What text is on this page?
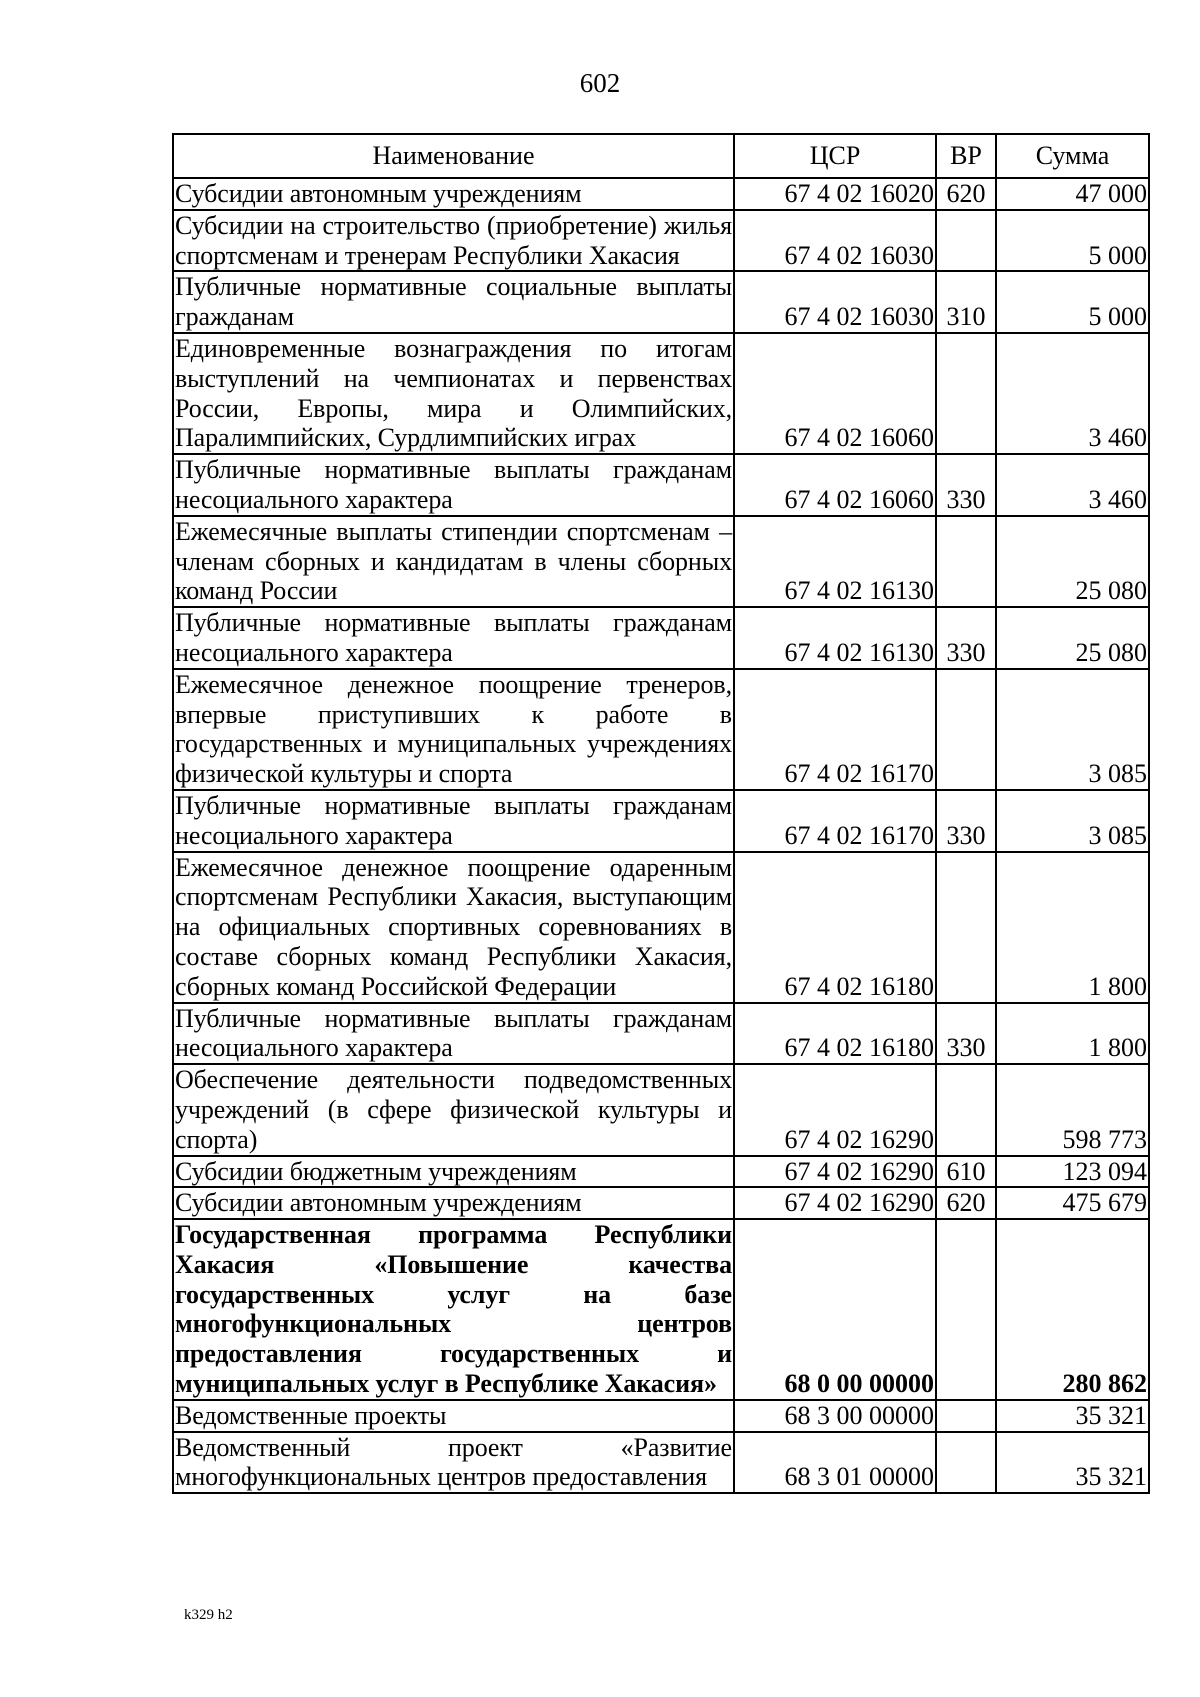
602
Наименование	ЦСР	ВР	Сумма
Субсидии автономным учреждениям	67 4 02 16020	620	47 000
Субсидии на строительство (приобретение) жилья спортсменам и тренерам Республики Хакасия	67 4 02 16030		5 000
Публичные нормативные социальные выплаты гражданам	67 4 02 16030	310	5 000
Единовременные вознаграждения по итогам выступлений на чемпионатах и первенствах России, Европы, мира и Олимпийских, Паралимпийских, Сурдлимпийских играх	67 4 02 16060		3 460
Публичные нормативные выплаты гражданам несоциального характера	67 4 02 16060	330	3 460
Ежемесячные выплаты стипендии спортсменам – членам сборных и кандидатам в члены сборных команд России	67 4 02 16130		25 080
Публичные нормативные выплаты гражданам несоциального характера	67 4 02 16130	330	25 080
Ежемесячное денежное поощрение тренеров, впервые приступивших к работе в государственных и муниципальных учреждениях физической культуры и спорта	67 4 02 16170		3 085
Публичные нормативные выплаты гражданам несоциального характера	67 4 02 16170	330	3 085
Ежемесячное денежное поощрение одаренным спортсменам Республики Хакасия, выступающим на официальных спортивных соревнованиях в составе сборных команд Республики Хакасия, сборных команд Российской Федерации	67 4 02 16180		1 800
Публичные нормативные выплаты гражданам несоциального характера	67 4 02 16180	330	1 800
Обеспечение деятельности подведомственных учреждений (в сфере физической культуры и спорта)	67 4 02 16290		598 773
Субсидии бюджетным учреждениям	67 4 02 16290	610	123 094
Субсидии автономным учреждениям	67 4 02 16290	620	475 679
Государственная программа Республики Хакасия «Повышение качества государственных услуг на базе многофункциональных центров предоставления государственных и муниципальных услуг в Республике Хакасия»	68 0 00 00000		280 862
Ведомственные проекты	68 3 00 00000		35 321
Ведомственный проект «Развитие многофункциональных центров предоставления	68 3 01 00000		35 321
k329 h2
